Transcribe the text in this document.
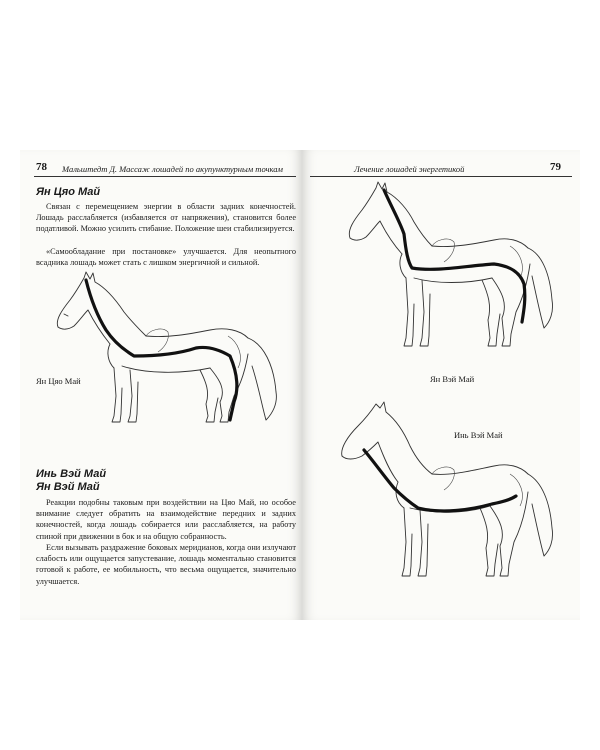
78 Мальштедт Д. Массаж лошадей по акупунктурным точкам
Ян Цяо Май
Связан с перемещением энергии в области задних конечностей. Лошадь расслабляется (избавляется от напряжения), становится более податливой. Можно усилить стибание. Положение шеи стабилизируется.
«Самообладание при постановке» улучшается. Для неопытного всадника лошадь может стать с лишком энергичной и сильной.
Ян Цяо Май
Инь Вэй Май
Ян Вэй Май
Реакции подобны таковым при воздействии на Цяо Май, но особое внимание следует обратить на взаимодействие передних и задних конечностей, когда лошадь собирается или расслабляется, на работу спиной при движении в бок и на общую собранность.
Если вызывать раздражение боковых меридианов, когда они излучают слабость или ощущается запустевание, лошадь моментально становится готовой к работе, ее мобильность, что весьма ощущается, значительно улучшается.
Лечение лошадей энергетикой	79
Ян Вэй Май
Инь Вэй Май
